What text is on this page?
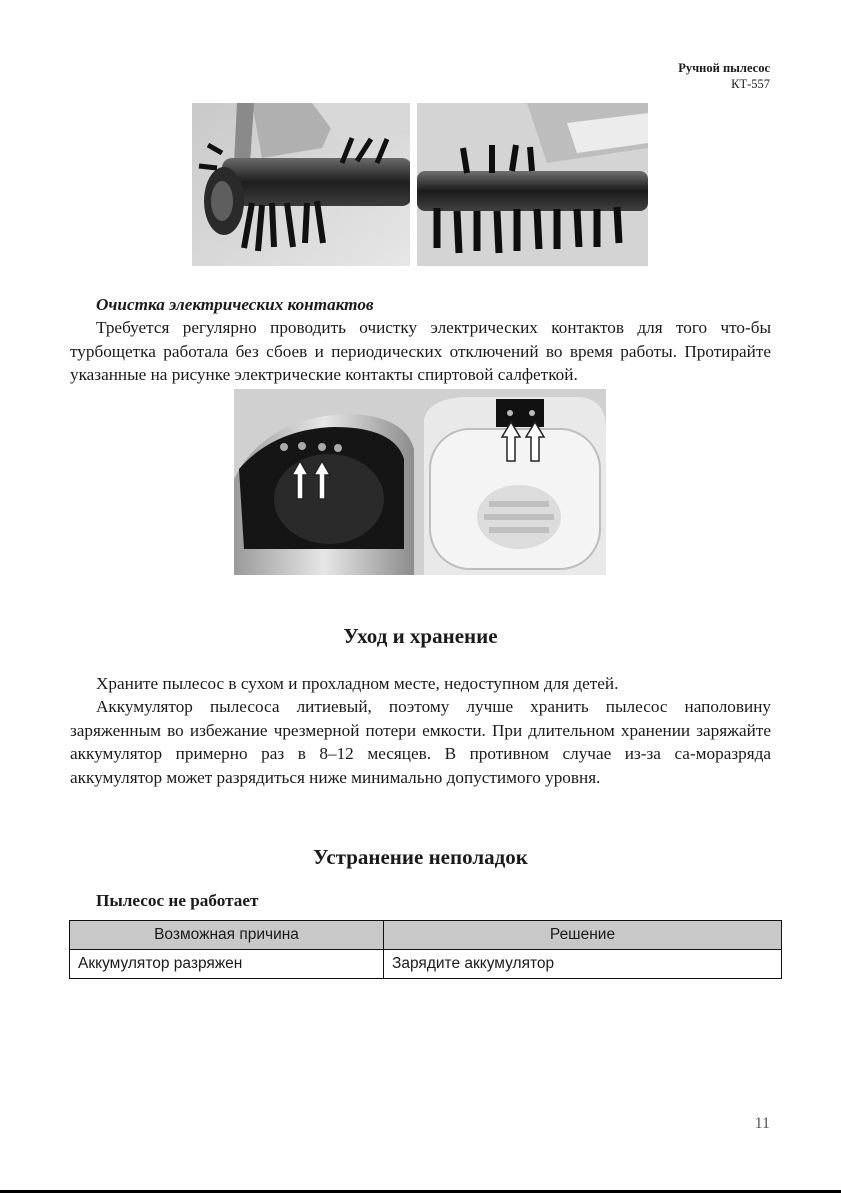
Ручной пылесос
КТ-557
Очистка электрических контактов

Требуется регулярно проводить очистку электрических контактов для того что-бы турбощетка работала без сбоев и периодических отключений во время работы. Протирайте указанные на рисунке электрические контакты спиртовой салфеткой.

Уход и хранение

Храните пылесос в сухом и прохладном месте, недоступном для детей.

Аккумулятор пылесоса литиевый, поэтому лучше хранить пылесос наполовину заряженным во избежание чрезмерной потери емкости. При длительном хранении заряжайте аккумулятор примерно раз в 8–12 месяцев. В противном случае из-за са-моразряда аккумулятор может разрядиться ниже минимально допустимого уровня.

Устранение неполадок
Пылесос не работает
Возможная причина	Решение
Аккумулятор разряжен	Зарядите аккумулятор
11
